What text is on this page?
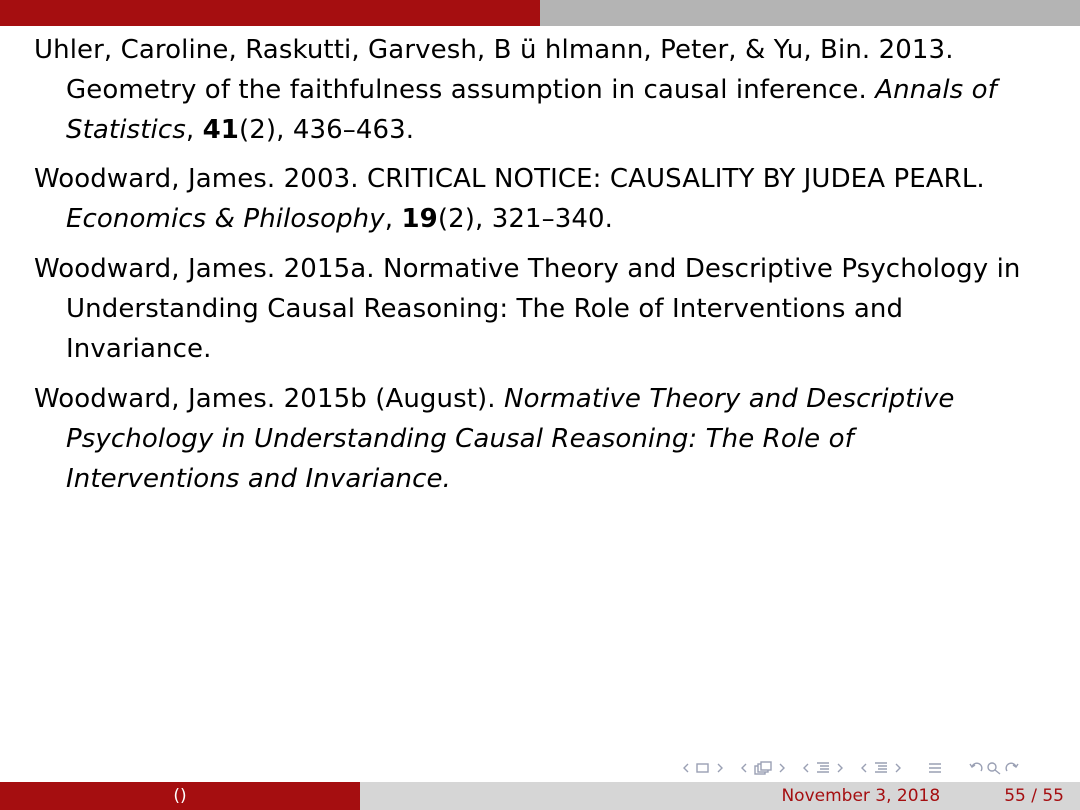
Uhler, Caroline, Raskutti, Garvesh, B ü hlmann, Peter, & Yu, Bin. 2013. Geometry of the faithfulness assumption in causal inference. Annals of Statistics, 41(2), 436–463.
Woodward, James. 2003. CRITICAL NOTICE: CAUSALITY BY JUDEA PEARL. Economics & Philosophy, 19(2), 321–340.
Woodward, James. 2015a. Normative Theory and Descriptive Psychology in Understanding Causal Reasoning: The Role of Interventions and Invariance.
Woodward, James. 2015b (August). Normative Theory and Descriptive Psychology in Understanding Causal Reasoning: The Role of Interventions and Invariance.
()	November 3, 2018	55 / 55
